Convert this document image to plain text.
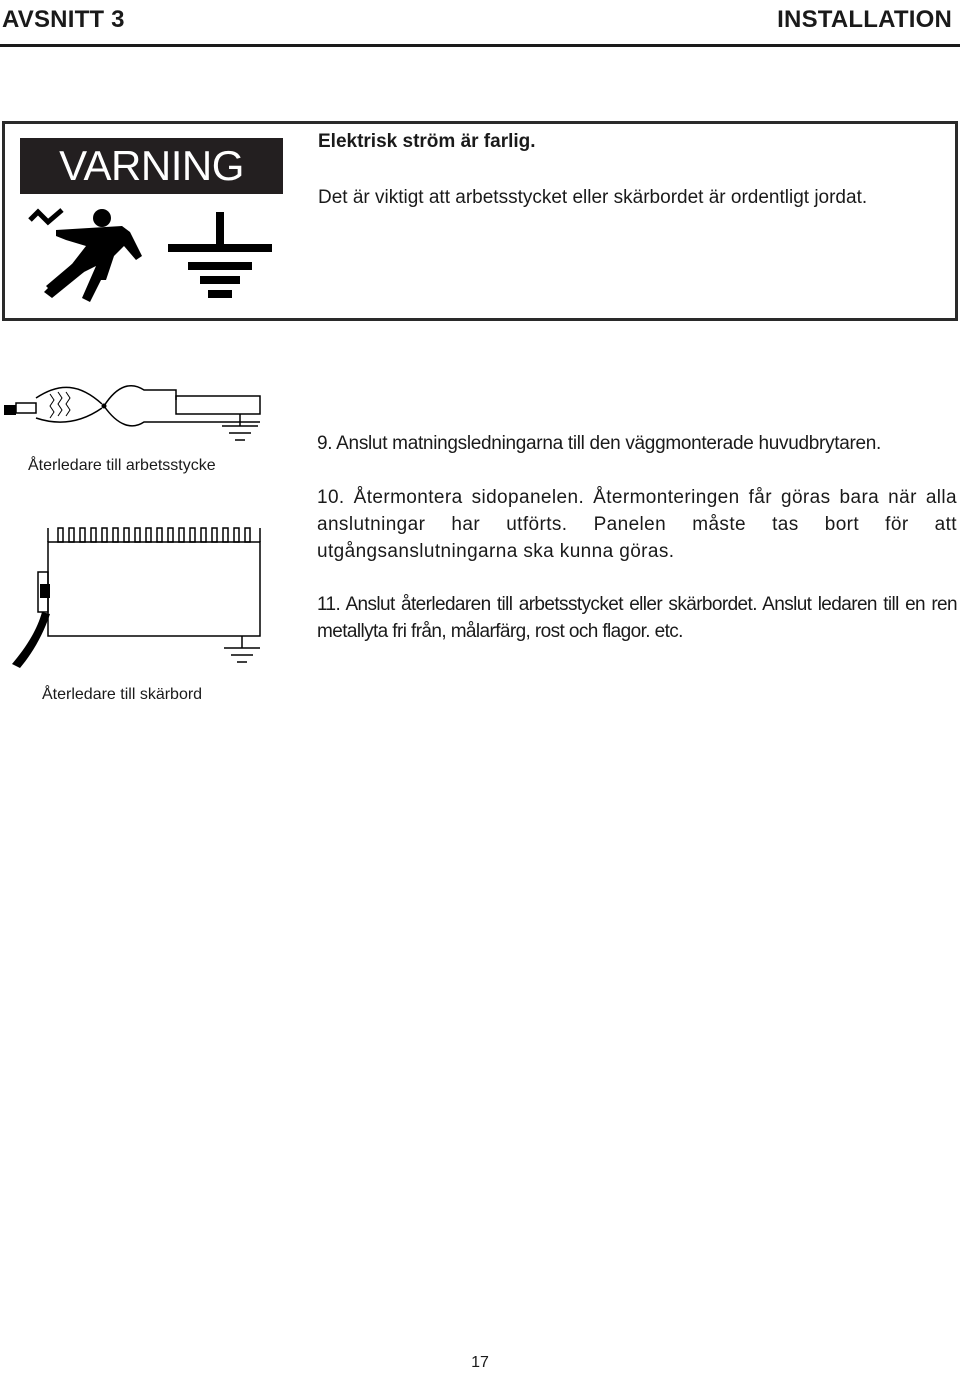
AVSNITT 3	INSTALLATION
VARNING
Elektrisk ström är farlig.
Det är viktigt att arbetsstycket eller skärbordet är ordentligt jordat.
Återledare till arbetsstycke
Återledare till skärbord
9. Anslut matningsledningarna till den väggmonterade huvudbrytaren.
10. Återmontera sidopanelen. Återmonteringen får göras bara när alla anslutningar har utförts. Panelen måste tas bort för att utgångsanslutningarna ska kunna göras.
11. Anslut återledaren till arbetsstycket eller skärbordet. Anslut ledaren till en ren metallyta fri från, målarfärg, rost och flagor. etc.
17
